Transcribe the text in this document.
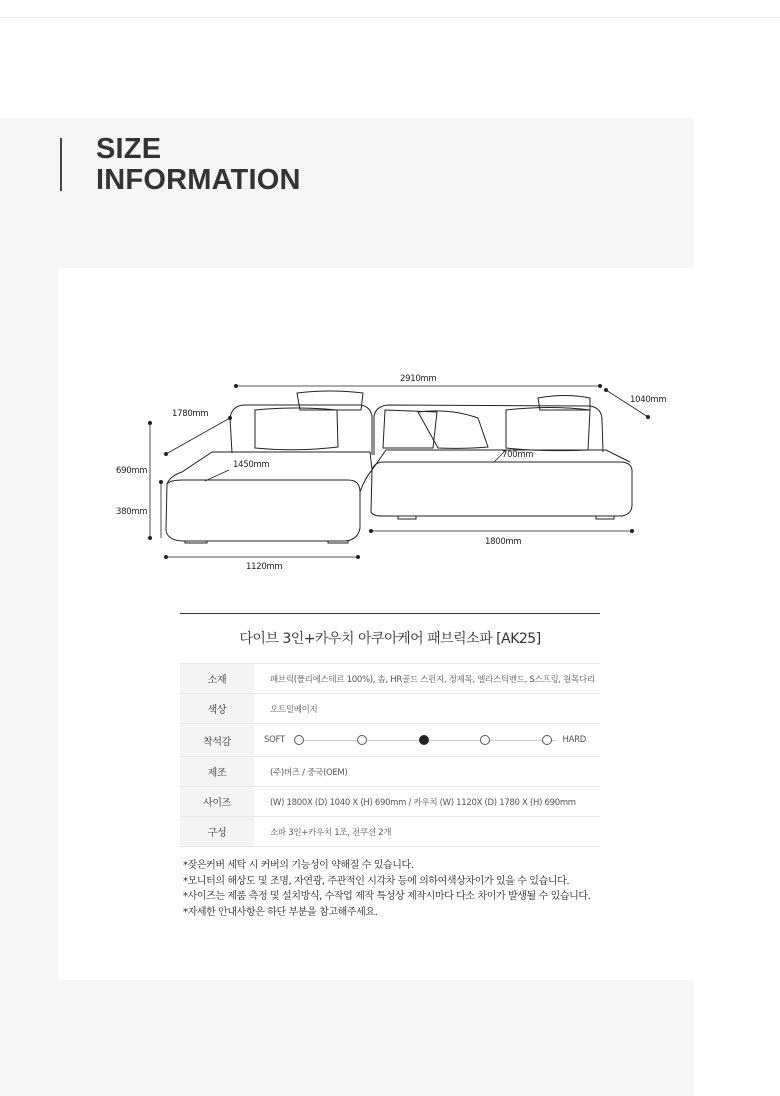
SIZE
INFORMATION
2910mm
1040mm
1780mm
1450mm
700mm
690mm
380mm
1120mm
1800mm
다이브 3인+카우치 아쿠아케어 패브릭소파 [AK25]
소재	패브릭(폴리에스테르 100%), 솜, HR골드 스펀지, 정제목, 엘라스틱밴드, S스프링, 원목다리
색상	오트밀베이지
착석감	SOFT HARD

제조	(주)버즈 / 중국(OEM)
사이즈	(W) 1800X (D) 1040 X (H) 690mm / 카우치 (W) 1120X (D) 1780 X (H) 690mm
구성	소파 3인+카우치 1조, 전쿠션 2개
*잦은커버 세탁 시 커버의 기능성이 약해질 수 있습니다.
*모니터의 해상도 및 조명, 자연광, 주관적인 시각차 등에 의하여색상차이가 있을 수 있습니다.
*사이즈는 제품 측정 및 설치방식, 수작업 제작 특성상 제작시마다 다소 차이가 발생될 수 있습니다.
*자세한 안내사항은 하단 부분을 참고해주세요.
